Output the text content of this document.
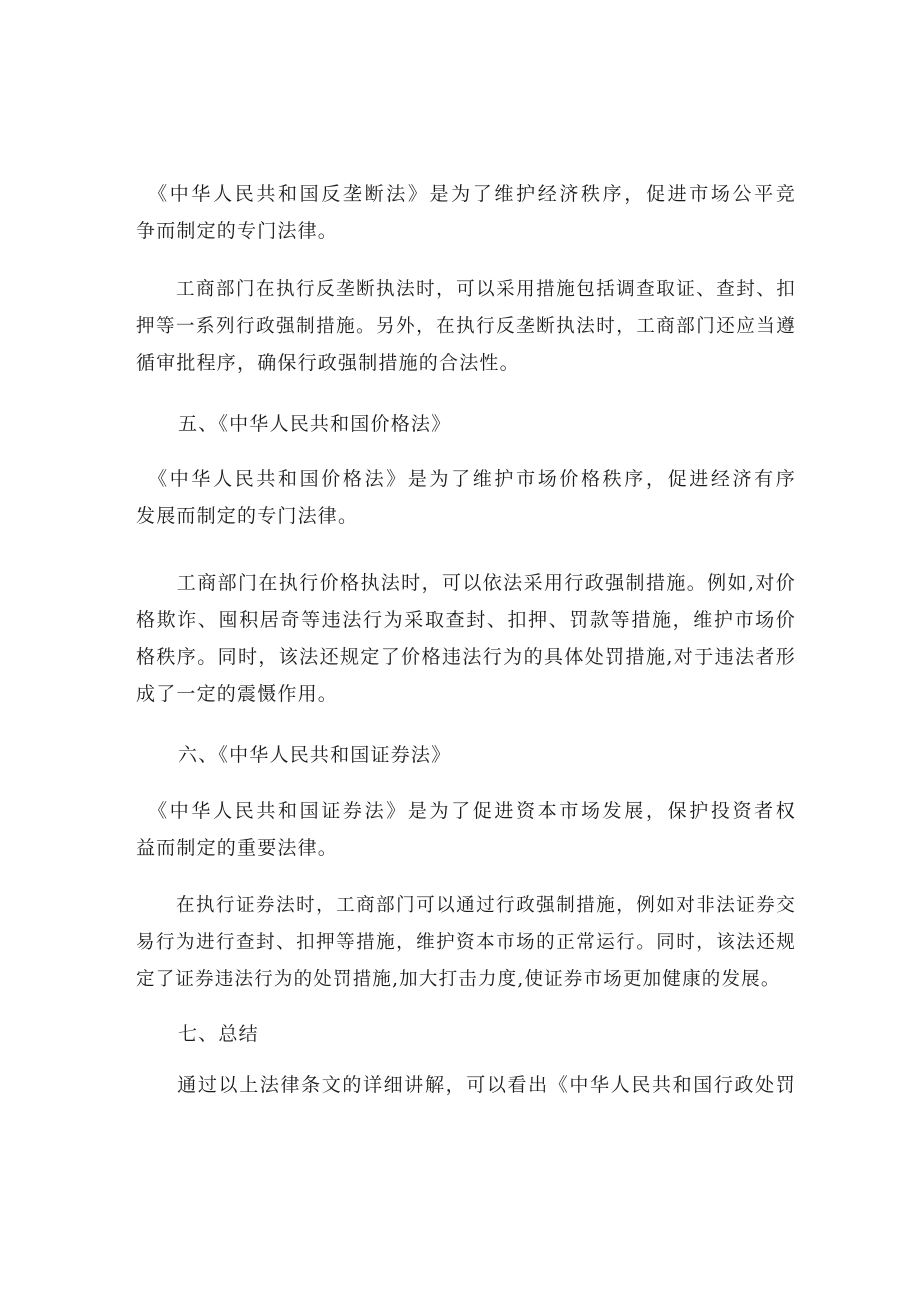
　《中华人民共和国反垄断法》是为了维护经济秩序，促进市场公平竞
争而制定的专门法律。
　　工商部门在执行反垄断执法时，可以采用措施包括调查取证、查封、扣
押等一系列行政强制措施。另外，在执行反垄断执法时，工商部门还应当遵
循审批程序，确保行政强制措施的合法性。
五、《中华人民共和国价格法》
　《中华人民共和国价格法》是为了维护市场价格秩序，促进经济有序
发展而制定的专门法律。
　　工商部门在执行价格执法时，可以依法采用行政强制措施。例如,对价
格欺诈、囤积居奇等违法行为采取查封、扣押、罚款等措施，维护市场价
格秩序。同时，该法还规定了价格违法行为的具体处罚措施,对于违法者形
成了一定的震慑作用。
六、《中华人民共和国证券法》
　《中华人民共和国证券法》是为了促进资本市场发展，保护投资者权
益而制定的重要法律。
　　在执行证券法时，工商部门可以通过行政强制措施，例如对非法证券交
易行为进行查封、扣押等措施，维护资本市场的正常运行。同时，该法还规
定了证券违法行为的处罚措施,加大打击力度,使证券市场更加健康的发展。
七、总结
　　通过以上法律条文的详细讲解，可以看出《中华人民共和国行政处罚
